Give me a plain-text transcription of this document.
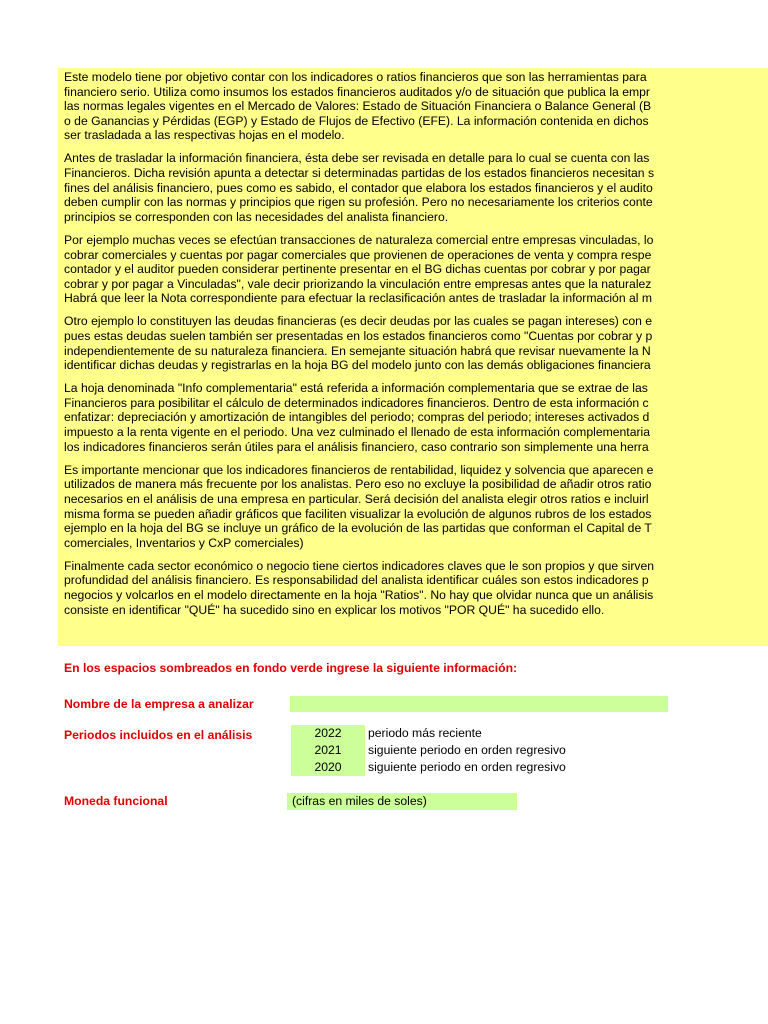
Este modelo tiene por objetivo contar con los indicadores o ratios financieros que son las herramientas para
financiero serio. Utiliza como insumos los estados financieros auditados y/o de situación que publica la empr
las normas legales vigentes en el Mercado de Valores: Estado de Situación Financiera o Balance General (B
o de Ganancias y Pérdidas (EGP) y Estado de Flujos de Efectivo (EFE). La información contenida en dichos
ser trasladada a las respectivas hojas en el modelo.

Antes de trasladar la información financiera, ésta debe ser revisada en detalle para lo cual se cuenta con las
Financieros. Dicha revisión apunta a detectar si determinadas partidas de los estados financieros necesitan s
fines del análisis financiero, pues como es sabido, el contador que elabora los estados financieros y el audito
deben cumplir con las normas y principios que rigen su profesión. Pero no necesariamente los criterios conte
principios se corresponden con las necesidades del analista financiero.

Por ejemplo muchas veces se efectúan transacciones de naturaleza comercial entre empresas vinculadas, lo
cobrar comerciales y cuentas por pagar comerciales que provienen de operaciones de venta y compra respe
contador y el auditor pueden considerar pertinente presentar en el BG dichas cuentas por cobrar y por pagar
cobrar y por pagar a Vinculadas", vale decir priorizando la vinculación entre empresas antes que la naturalez
Habrá que leer la Nota correspondiente para efectuar la reclasificación antes de trasladar la información al m

Otro ejemplo lo constituyen las deudas financieras (es decir deudas por las cuales se pagan intereses) con e
pues estas deudas suelen también ser presentadas en los estados financieros como "Cuentas por cobrar y p
independientemente de su naturaleza financiera. En semejante situación habrá que revisar nuevamente la N
identificar dichas deudas y registrarlas en la hoja BG del modelo junto con las demás obligaciones financiera

La hoja denominada "Info complementaria" está referida a información complementaria que se extrae de las
Financieros para posibilitar el cálculo de determinados indicadores financieros. Dentro de esta información c
enfatizar: depreciación y amortización de intangibles del periodo; compras del periodo; intereses activados d
impuesto a la renta vigente en el periodo. Una vez culminado el llenado de esta información complementaria
los indicadores financieros serán útiles para el análisis financiero, caso contrario son simplemente una herra

Es importante mencionar que los indicadores financieros de rentabilidad, liquidez y solvencia que aparecen e
utilizados de manera más frecuente por los analistas. Pero eso no excluye la posibilidad de añadir otros ratio
necesarios en el análisis de una empresa en particular. Será decisión del analista elegir otros ratios e incluirl
misma forma se pueden añadir gráficos que faciliten visualizar la evolución de algunos rubros de los estados
ejemplo en la hoja del BG se incluye un gráfico de la evolución de las partidas que conforman el Capital de T
comerciales, Inventarios y CxP comerciales)

Finalmente cada sector económico o negocio tiene ciertos indicadores claves que le son propios y que sirven
profundidad del análisis financiero. Es responsabilidad del analista identificar cuáles son estos indicadores p
negocios y volcarlos en el modelo directamente en la hoja "Ratios". No hay que olvidar nunca que un análisis
consiste en identificar "QUÉ" ha sucedido sino en explicar los motivos "POR QUÉ" ha sucedido ello.

En los espacios sombreados en fondo verde ingrese la siguiente información:
Nombre de la empresa a analizar
Periodos incluidos en el análisis	2022	periodo más reciente
2021	siguiente periodo en orden regresivo
2020	siguiente periodo en orden regresivo
Moneda funcional	(cifras en miles de soles)
